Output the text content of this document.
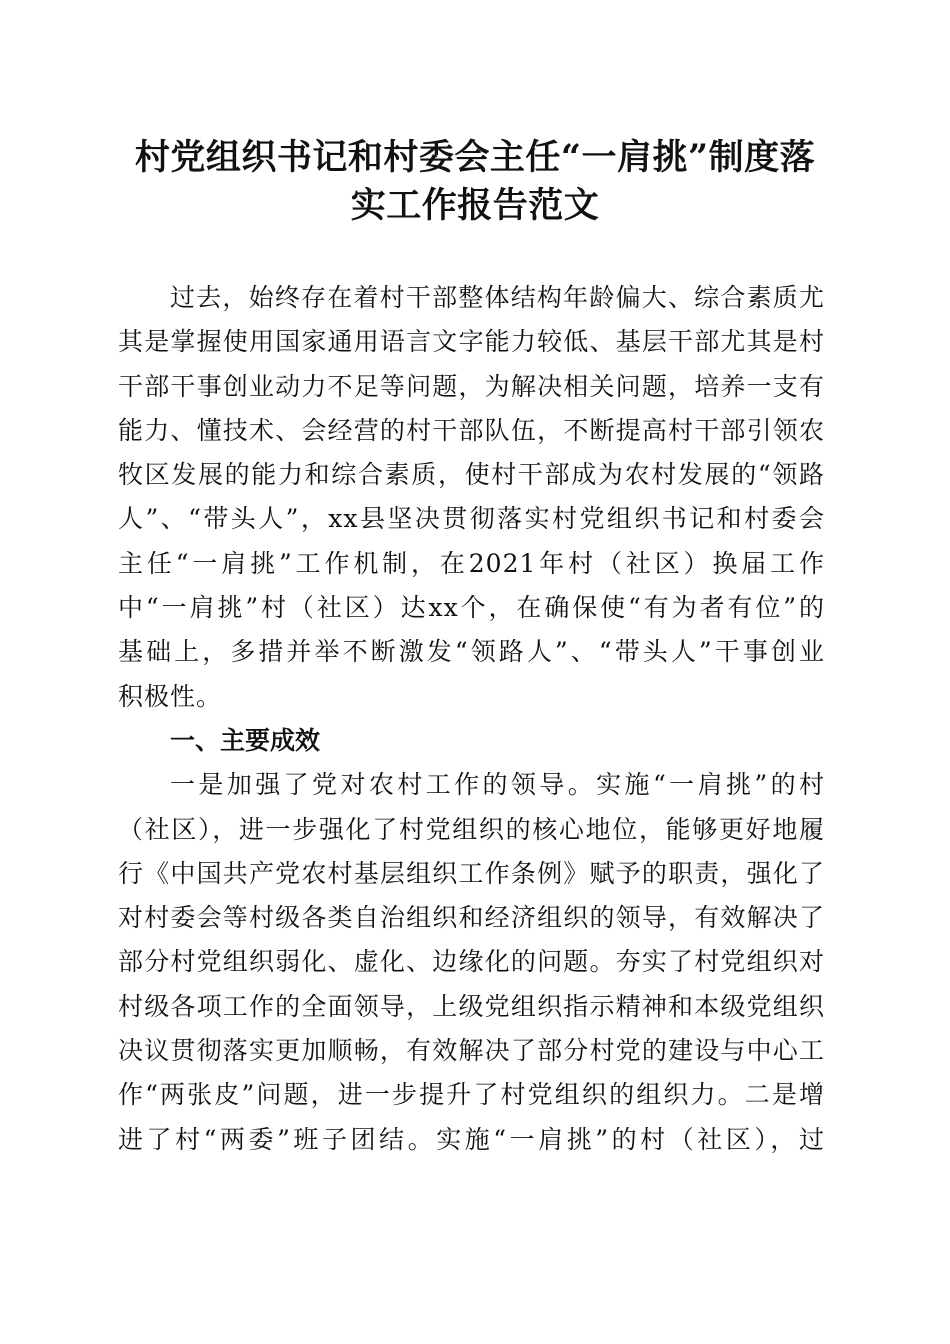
村党组织书记和村委会主任“一肩挑”制度落
实工作报告范文
过去，始终存在着村干部整体结构年龄偏大、综合素质尤
其是掌握使用国家通用语言文字能力较低、基层干部尤其是村
干部干事创业动力不足等问题，为解决相关问题，培养一支有
能力、懂技术、会经营的村干部队伍，不断提高村干部引领农
牧区发展的能力和综合素质，使村干部成为农村发展的“领路
人”、“带头人”，xx县坚决贯彻落实村党组织书记和村委会
主任“一肩挑”工作机制，在2021年村（社区）换届工作
中“一肩挑”村（社区）达xx个，在确保使“有为者有位”的
基础上，多措并举不断激发“领路人”、“带头人”干事创业
积极性。
一、主要成效
一是加强了党对农村工作的领导。实施“一肩挑”的村
（社区），进一步强化了村党组织的核心地位，能够更好地履
行《中国共产党农村基层组织工作条例》赋予的职责，强化了
对村委会等村级各类自治组织和经济组织的领导，有效解决了
部分村党组织弱化、虚化、边缘化的问题。夯实了村党组织对
村级各项工作的全面领导，上级党组织指示精神和本级党组织
决议贯彻落实更加顺畅，有效解决了部分村党的建设与中心工
作“两张皮”问题，进一步提升了村党组织的组织力。二是增
进了村“两委”班子团结。实施“一肩挑”的村（社区），过
